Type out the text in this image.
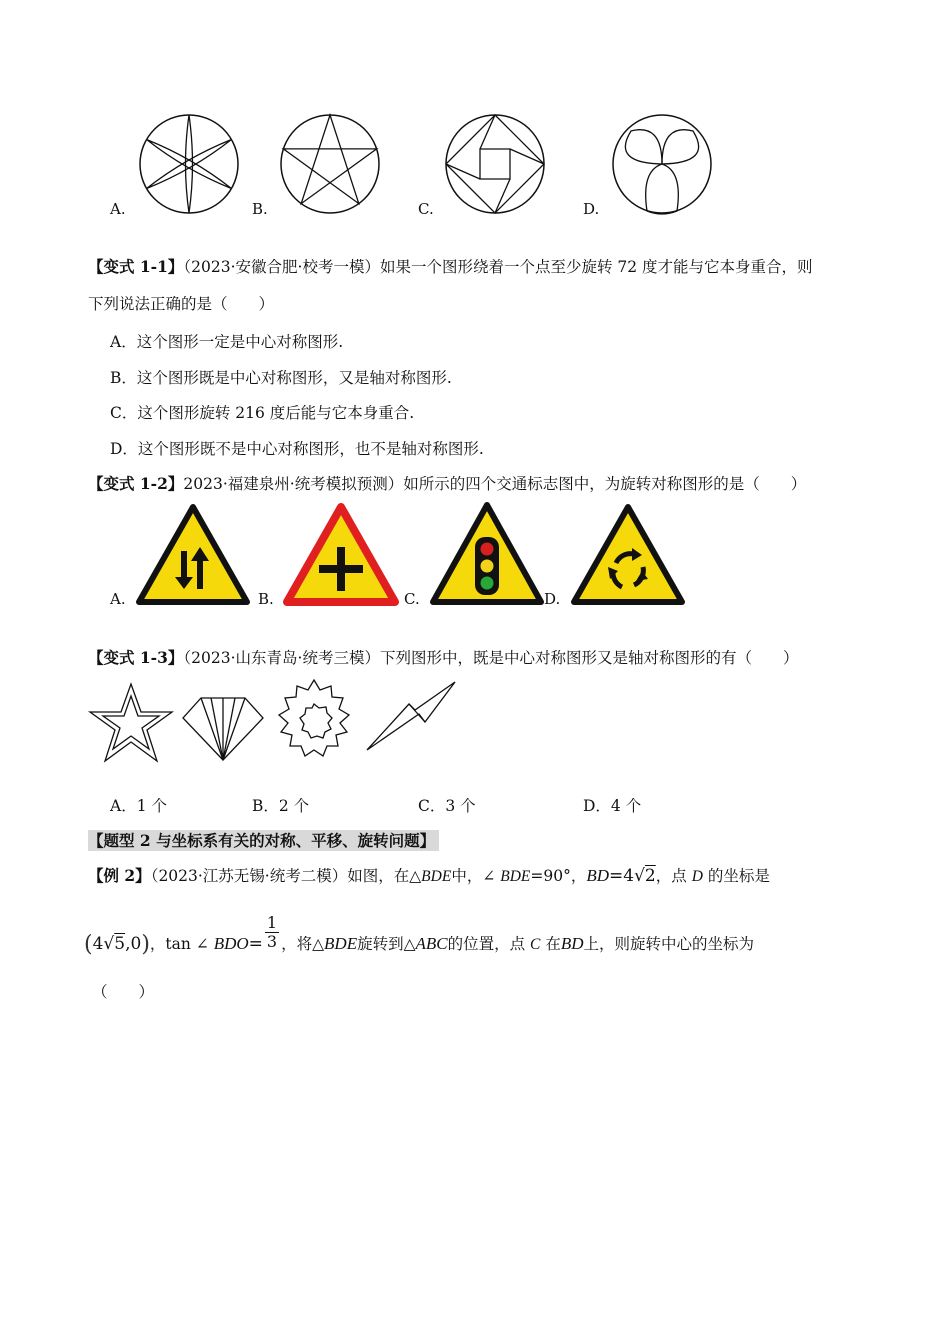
A.	B.	C.	D.
【变式 1-1】（2023·安徽合肥·校考一模）如果一个图形绕着一个点至少旋转 72 度才能与它本身重合，则
下列说法正确的是（　　）
A．这个图形一定是中心对称图形.
B．这个图形既是中心对称图形，又是轴对称图形.
C．这个图形旋转 216 度后能与它本身重合.
D．这个图形既不是中心对称图形，也不是轴对称图形.
【变式 1-2】2023·福建泉州·统考模拟预测）如所示的四个交通标志图中，为旋转对称图形的是（　　）
A.	B.	C.	D.
【变式 1-3】（2023·山东青岛·统考三模）下列图形中，既是中心对称图形又是轴对称图形的有（　　）
A．1 个	B．2 个	C．3 个	D．4 个
【题型 2 与坐标系有关的对称、平移、旋转问题】
【例 2】（2023·江苏无锡·统考二模）如图，在△BDE中，∠ BDE=90°，BD=4√2，点 D 的坐标是
(4√5,0)，tan ∠ $BDO= \frac{1}{3}$ ，将△BDE旋转到△ABC的位置，点 C 在BD上，则旋转中心的坐标为
（　　）
